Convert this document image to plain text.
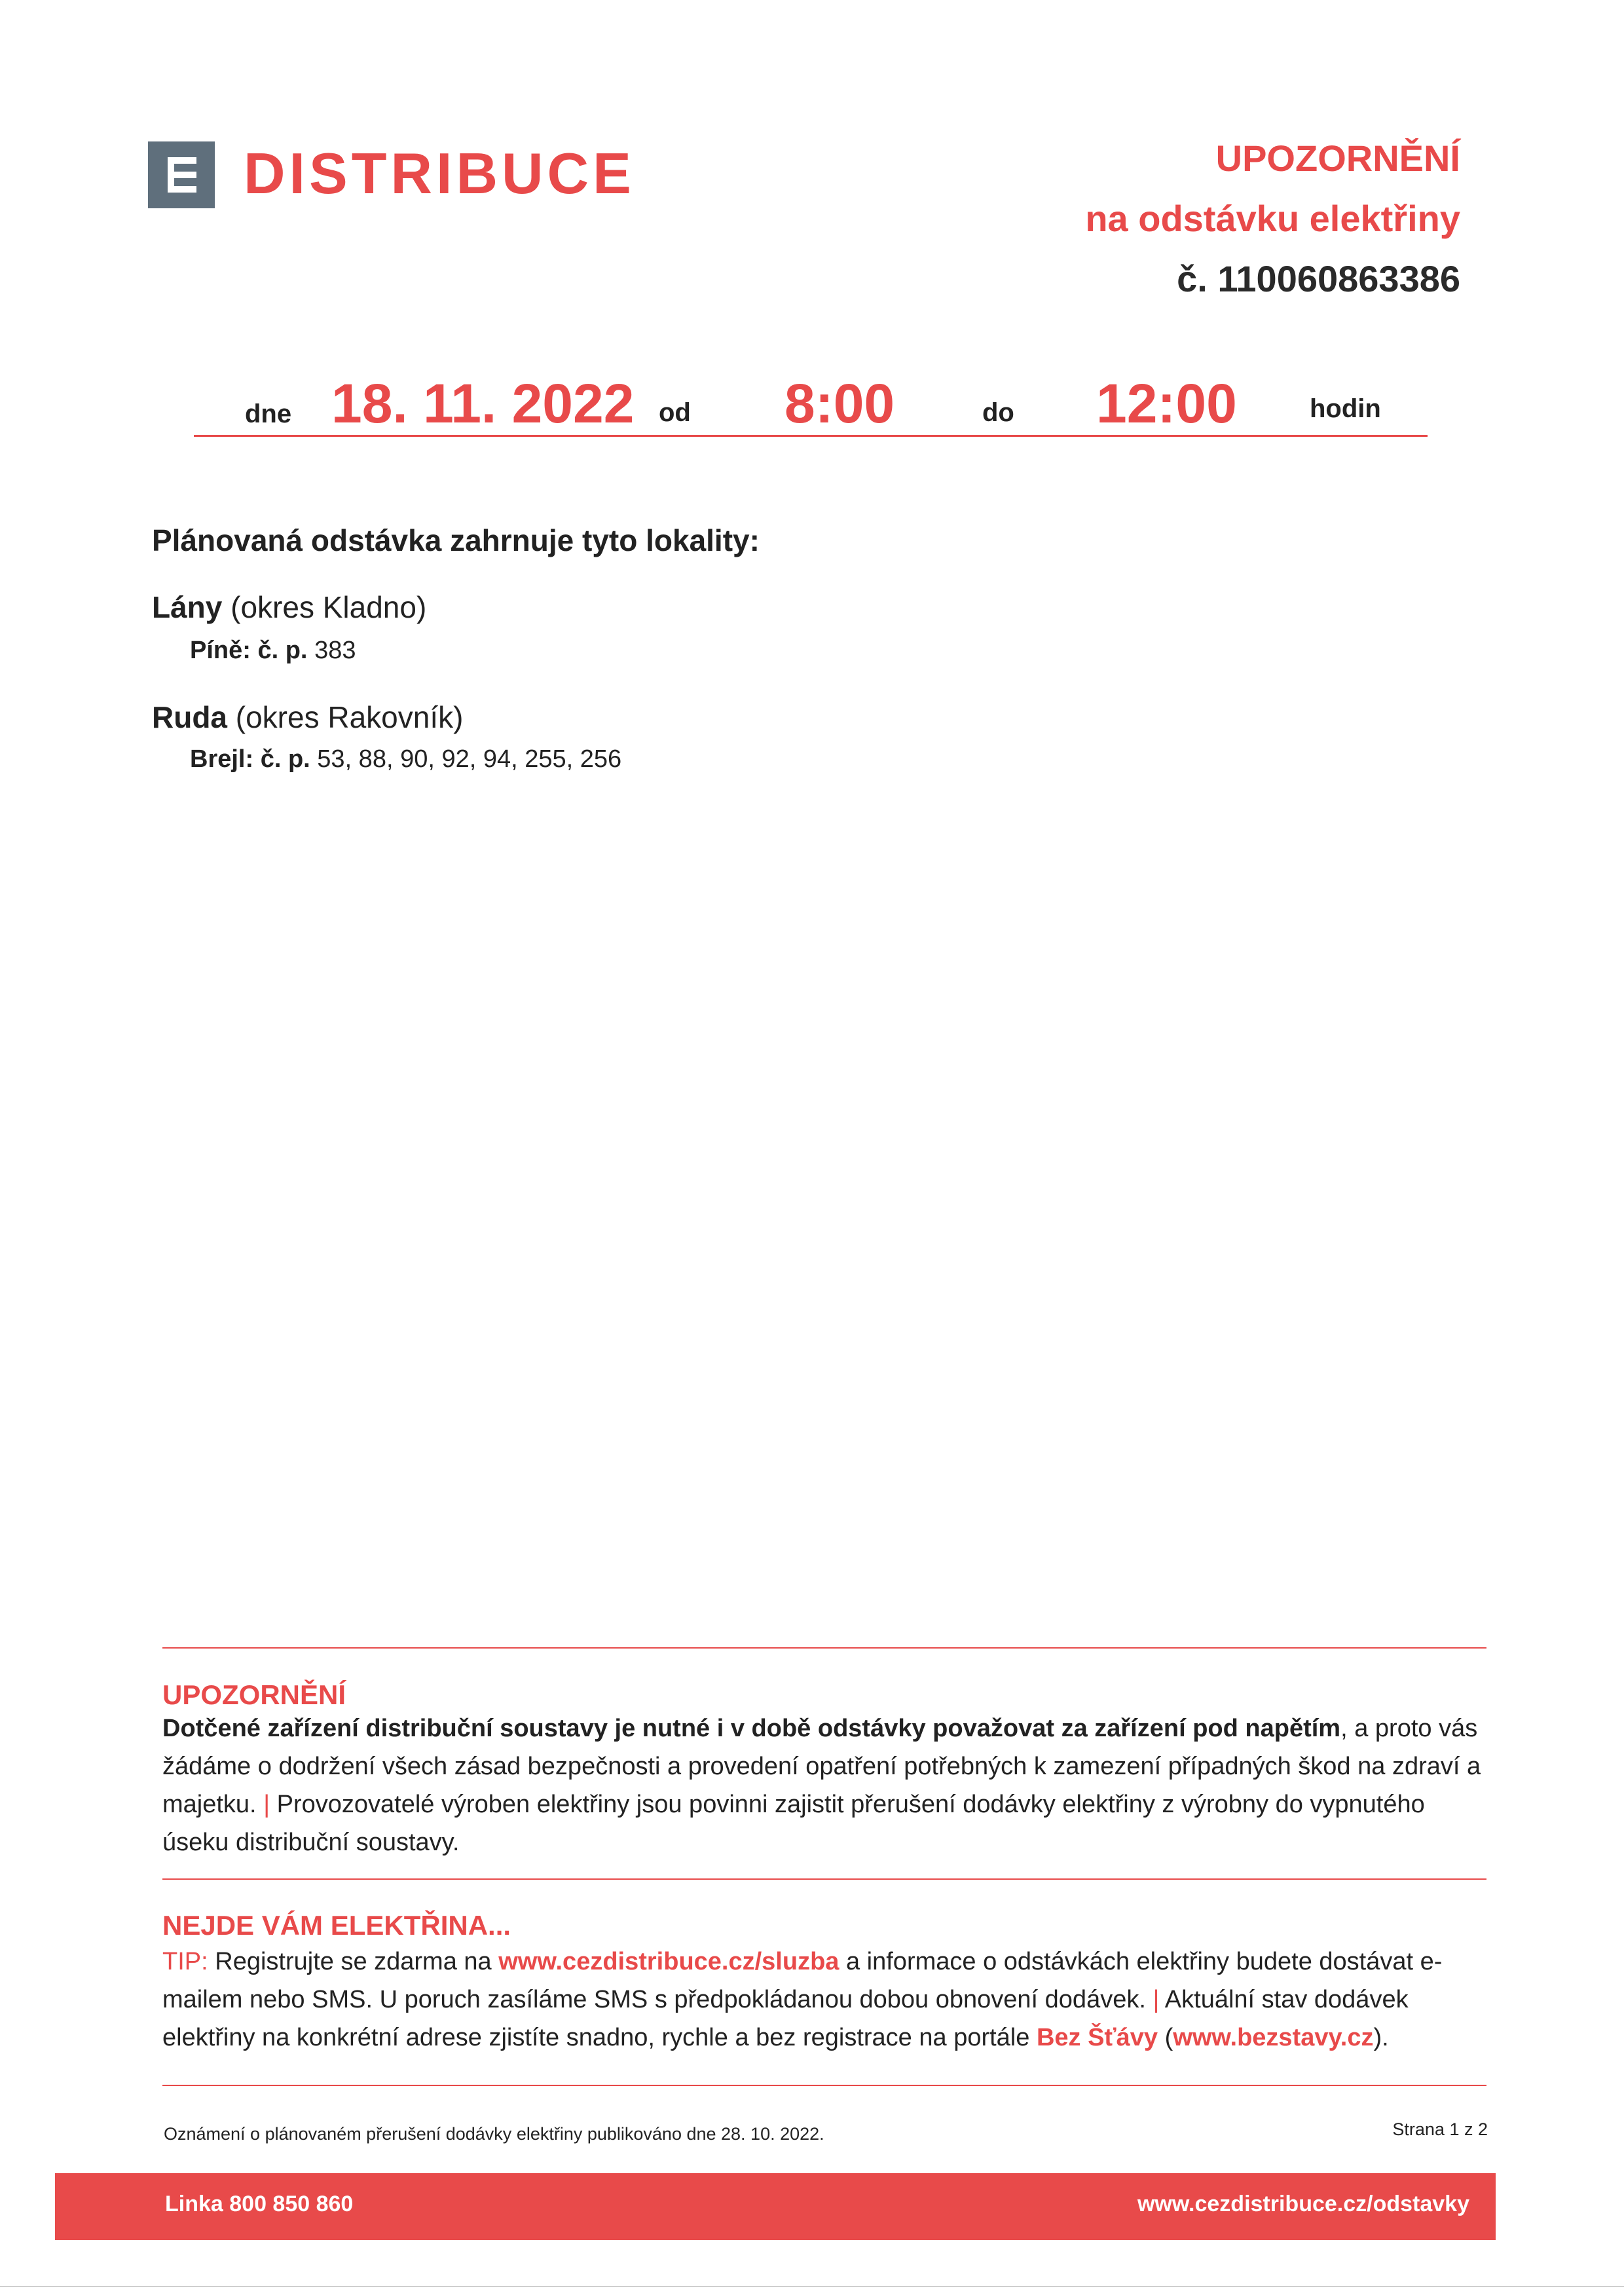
DISTRIBUCE	UPOZORNĚNÍ
na odstávku elektřiny
č. 110060863386
dne 18. 11. 2022 od 8:00	do 12:00	hodin
Plánovaná odstávka zahrnuje tyto lokality:
Lány (okres Kladno)
Píně: č. p. 383
Ruda (okres Rakovník)
Brejl: č. p. 53, 88, 90, 92, 94, 255, 256
UPOZORNĚNÍ
Dotčené zařízení distribuční soustavy je nutné i v době odstávky považovat za zařízení pod napětím, a proto vás žádáme o dodržení všech zásad bezpečnosti a provedení opatření potřebných k zamezení případných škod na zdraví a majetku. | Provozovatelé výroben elektřiny jsou povinni zajistit přerušení dodávky elektřiny z výrobny do vypnutého úseku distribuční soustavy.
NEJDE VÁM ELEKTŘINA...
TIP: Registrujte se zdarma na www.cezdistribuce.cz/sluzba a informace o odstávkách elektřiny budete dostávat e-mailem nebo SMS. U poruch zasíláme SMS s předpokládanou dobou obnovení dodávek. | Aktuální stav dodávek elektřiny na konkrétní adrese zjistíte snadno, rychle a bez registrace na portále Bez Šťávy (www.bezstavy.cz).
Oznámení o plánovaném přerušení dodávky elektřiny publikováno dne 28. 10. 2022.	Strana 1 z 2
Linka 800 850 860	www.cezdistribuce.cz/odstavky
